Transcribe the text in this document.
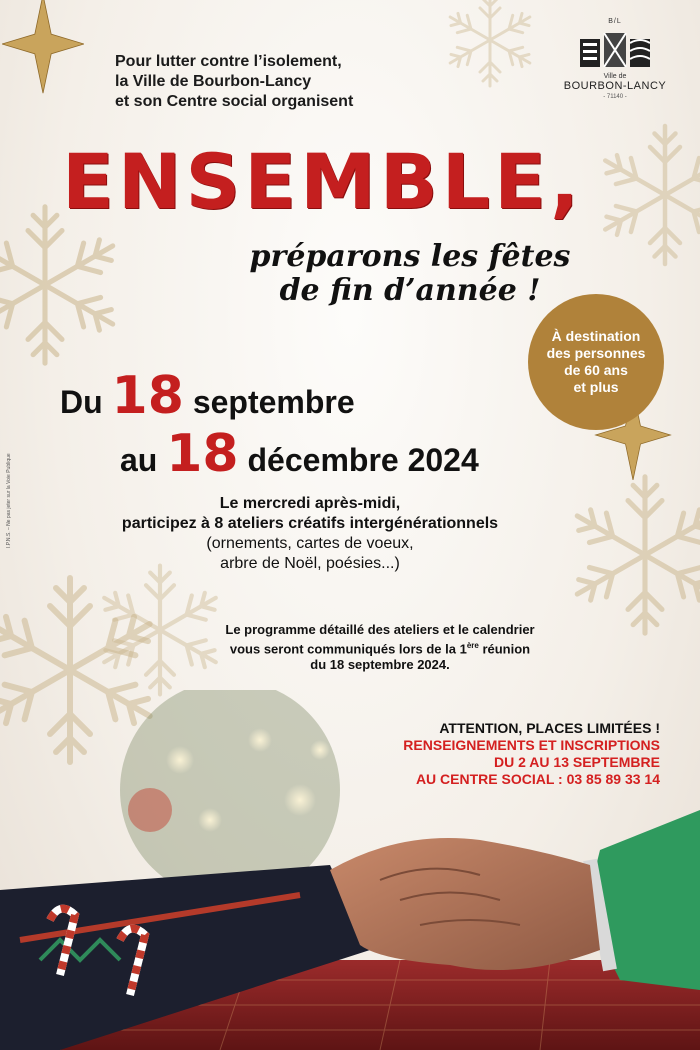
Pour lutter contre l’isolement,
la Ville de Bourbon-Lancy
et son Centre social organisent
B/L
Ville de
BOURBON-LANCY
- 71140 -
ENSEMBLE,
préparons les fêtes
de fin d’année !
À destination
des personnes
de 60 ans
et plus
Du 18 septembre
au 18 décembre 2024
Le mercredi après-midi,
participez à 8 ateliers créatifs intergénérationnels
(ornements, cartes de voeux,
arbre de Noël, poésies...)
Le programme détaillé des ateliers et le calendrier
vous seront communiqués lors de la 1ère réunion
du 18 septembre 2024.
ATTENTION, PLACES LIMITÉES !
RENSEIGNEMENTS ET INSCRIPTIONS
DU 2 AU 13 SEPTEMBRE
AU CENTRE SOCIAL : 03 85 89 33 14
I.P.N.S. – Ne pas jeter sur la Voie Publique
